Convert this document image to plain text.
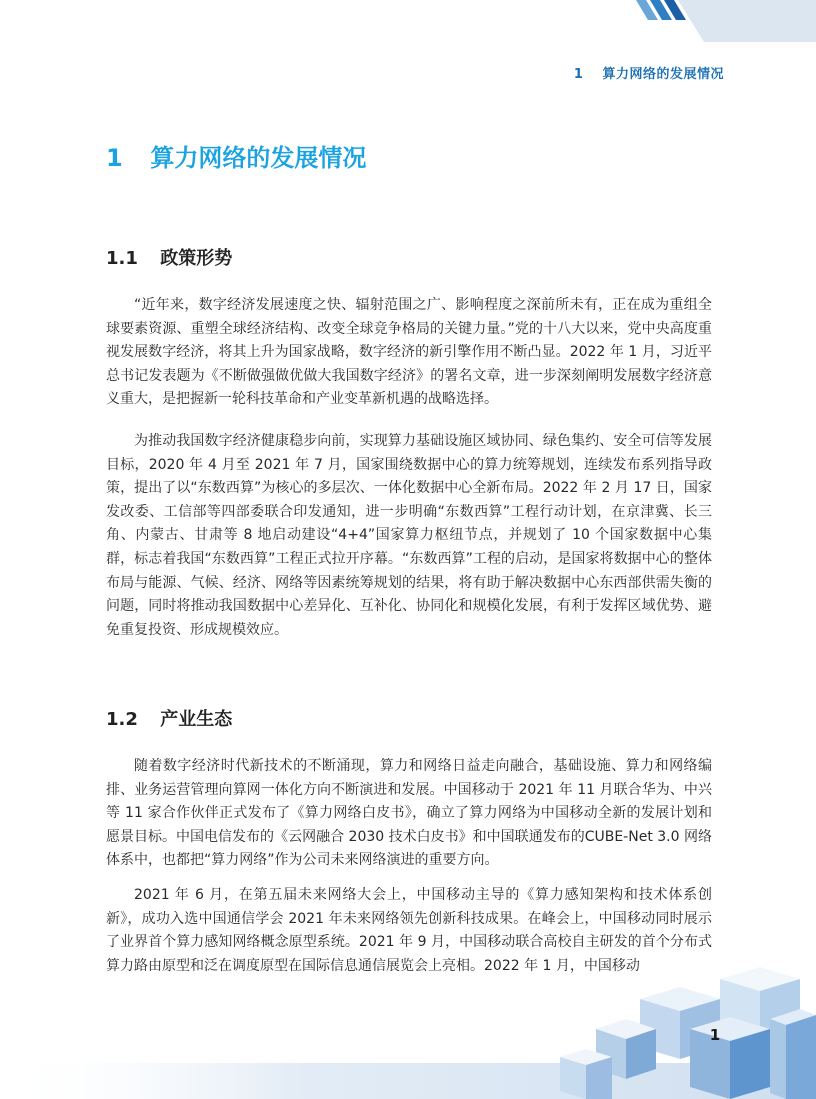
1 算力网络的发展情况
1 算力网络的发展情况
1.1 政策形势

“近年来，数字经济发展速度之快、辐射范围之广、影响程度之深前所未有，正在成为重组全球要素资源、重塑全球经济结构、改变全球竞争格局的关键力量。”党的十八大以来，党中央高度重视发展数字经济，将其上升为国家战略，数字经济的新引擎作用不断凸显。2022 年 1 月，习近平总书记发表题为《不断做强做优做大我国数字经济》的署名文章，进一步深刻阐明发展数字经济意义重大，是把握新一轮科技革命和产业变革新机遇的战略选择。

为推动我国数字经济健康稳步向前，实现算力基础设施区域协同、绿色集约、安全可信等发展目标，2020 年 4 月至 2021 年 7 月，国家围绕数据中心的算力统筹规划，连续发布系列指导政策，提出了以“东数西算”为核心的多层次、一体化数据中心全新布局。2022 年 2 月 17 日，国家发改委、工信部等四部委联合印发通知，进一步明确“东数西算”工程行动计划，在京津冀、长三角、内蒙古、甘肃等 8 地启动建设“4+4”国家算力枢纽节点，并规划了 10 个国家数据中心集群，标志着我国“东数西算”工程正式拉开序幕。“东数西算”工程的启动，是国家将数据中心的整体布局与能源、气候、经济、网络等因素统筹规划的结果，将有助于解决数据中心东西部供需失衡的问题，同时将推动我国数据中心差异化、互补化、协同化和规模化发展，有利于发挥区域优势、避免重复投资、形成规模效应。

1.2 产业生态

随着数字经济时代新技术的不断涌现，算力和网络日益走向融合，基础设施、算力和网络编排、业务运营管理向算网一体化方向不断演进和发展。中国移动于 2021 年 11 月联合华为、中兴等 11 家合作伙伴正式发布了《算力网络白皮书》，确立了算力网络为中国移动全新的发展计划和愿景目标。中国电信发布的《云网融合 2030 技术白皮书》和中国联通发布的CUBE-Net 3.0 网络体系中，也都把“算力网络”作为公司未来网络演进的重要方向。

2021 年 6 月，在第五届未来网络大会上，中国移动主导的《算力感知架构和技术体系创新》，成功入选中国通信学会 2021 年未来网络领先创新科技成果。在峰会上，中国移动同时展示了业界首个算力感知网络概念原型系统。2021 年 9 月，中国移动联合高校自主研发的首个分布式算力路由原型和泛在调度原型在国际信息通信展览会上亮相。2022 年 1 月，中国移动

1
